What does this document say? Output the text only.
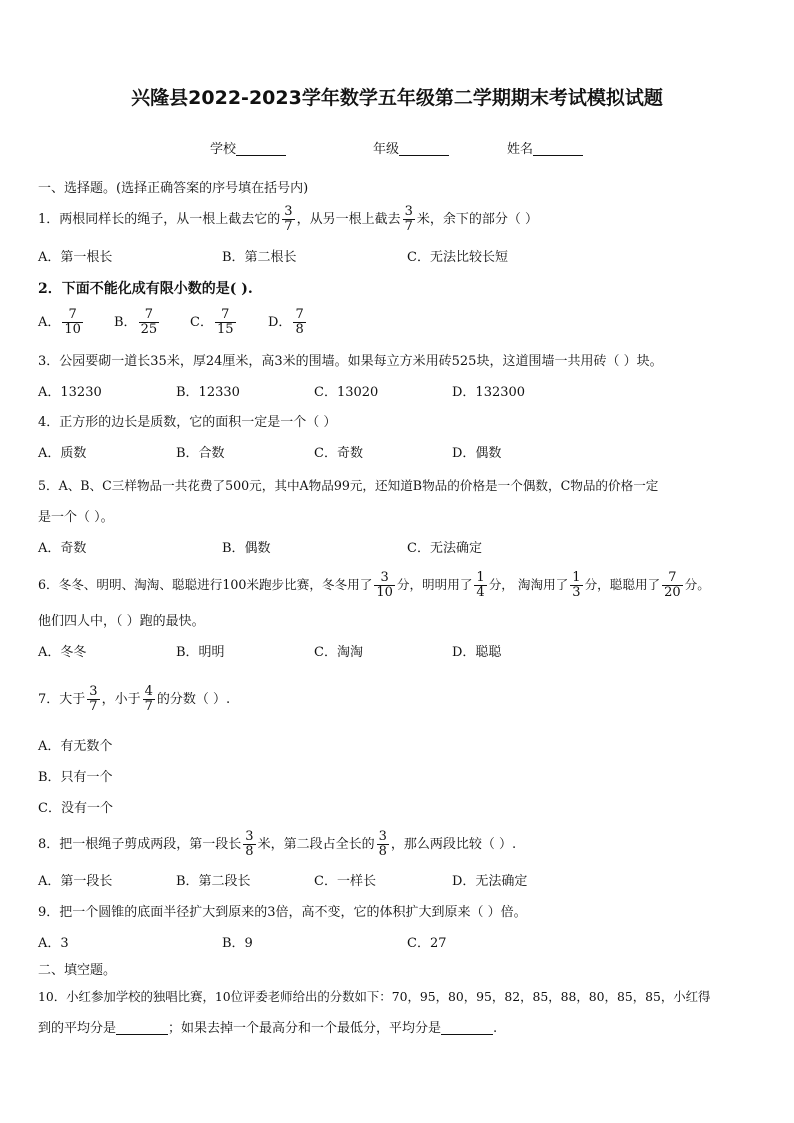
兴隆县2022-2023学年数学五年级第二学期期末考试模拟试题
学校	年级	姓名
一、选择题。(选择正确答案的序号填在括号内)
1．两根同样长的绳子，从一根上截去它的 $\frac{3}{7}$ ，从另一根上截去 $\frac{3}{7}$ 米，余下的部分（ ）
A．第一根长	B．第二根长	C．无法比较长短
2．下面不能化成有限小数的是( ).
A． $\frac{7}{10}$ B． $\frac{7}{25}$ C． $\frac{7}{15}$	D． $\frac{7}{8}$
3．公园要砌一道长35米，厚24厘米，高3米的围墙。如果每立方米用砖525块，这道围墙一共用砖（ ）块。
A．13230	B．12330	C．13020	D．132300
4．正方形的边长是质数，它的面积一定是一个（ ）
A．质数	B．合数	C．奇数	D．偶数
5．A、B、C三样物品一共花费了500元，其中A物品99元，还知道B物品的价格是一个偶数，C物品的价格一定
是一个（ ）。
A．奇数	B．偶数	C．无法确定
6．冬冬、明明、淘淘、聪聪进行100米跑步比赛，冬冬用了 $\frac{3}{10}$ 分，明明用了 $\frac{1}{4}$ 分， 淘淘用了 $\frac{1}{3}$ 分，聪聪用了 $\frac{7}{20}$ 分。
他们四人中，（ ）跑的最快。
A．冬冬	B．明明	C．淘淘	D．聪聪
7．大于 $\frac{3}{7}$ ，小于 $\frac{4}{7}$ 的分数（ ）.
A．有无数个
B．只有一个
C．没有一个
8．把一根绳子剪成两段，第一段长 $\frac{3}{8}$ 米，第二段占全长的 $\frac{3}{8}$ ，那么两段比较（ ）.
A．第一段长	B．第二段长	C．一样长	D．无法确定
9．把一个圆锥的底面半径扩大到原来的3倍，高不变，它的体积扩大到原来（ ）倍。
A．3	B．9	C．27
二、填空题。
10．小红参加学校的独唱比赛，10位评委老师给出的分数如下：70，95，80，95，82，85，88，80，85，85，小红得
到的平均分是	；如果去掉一个最高分和一个最低分，平均分是	.
